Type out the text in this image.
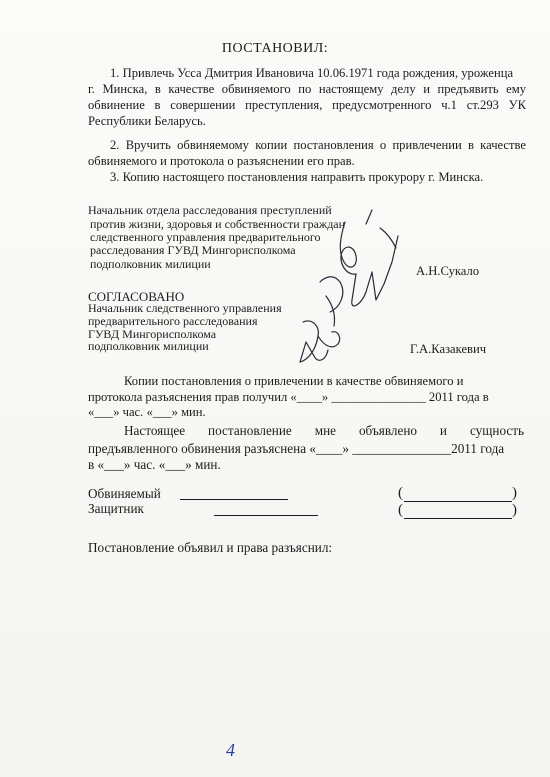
ПОСТАНОВИЛ:
1. Привлечь Усса Дмитрия Ивановича 10.06.1971 года рождения, уроженца
г. Минска, в качестве обвиняемого по настоящему делу и предъявить ему
обвинение в совершении преступления, предусмотренного ч.1 ст.293 УК
Республики Беларусь.
2. Вручить обвиняемому копии постановления о привлечении в качестве
обвиняемого и протокола о разъяснении его прав.
3. Копию настоящего постановления направить прокурору г. Минска.
Начальник отдела расследования преступлений
против жизни, здоровья и собственности граждан
следственного управления предварительного
расследования ГУВД Мингорисполкома
подполковник милиции	А.Н.Сукало
СОГЛАСОВАНО
Начальник следственного управления
предварительного расследования
ГУВД Мингорисполкома
подполковник милиции	Г.А.Казакевич
Копии постановления о привлечении в качестве обвиняемого и
протокола разъяснения прав получил «____» _______________ 2011 года в
«___» час. «___» мин.
Настоящее постановление мне объявлено и сущность
предъявленного обвинения разъяснена «____» _______________2011 года
в «___» час. «___» мин.
Обвиняемый	(	)
Защитник	(	)
Постановление объявил и права разъяснил:
4
